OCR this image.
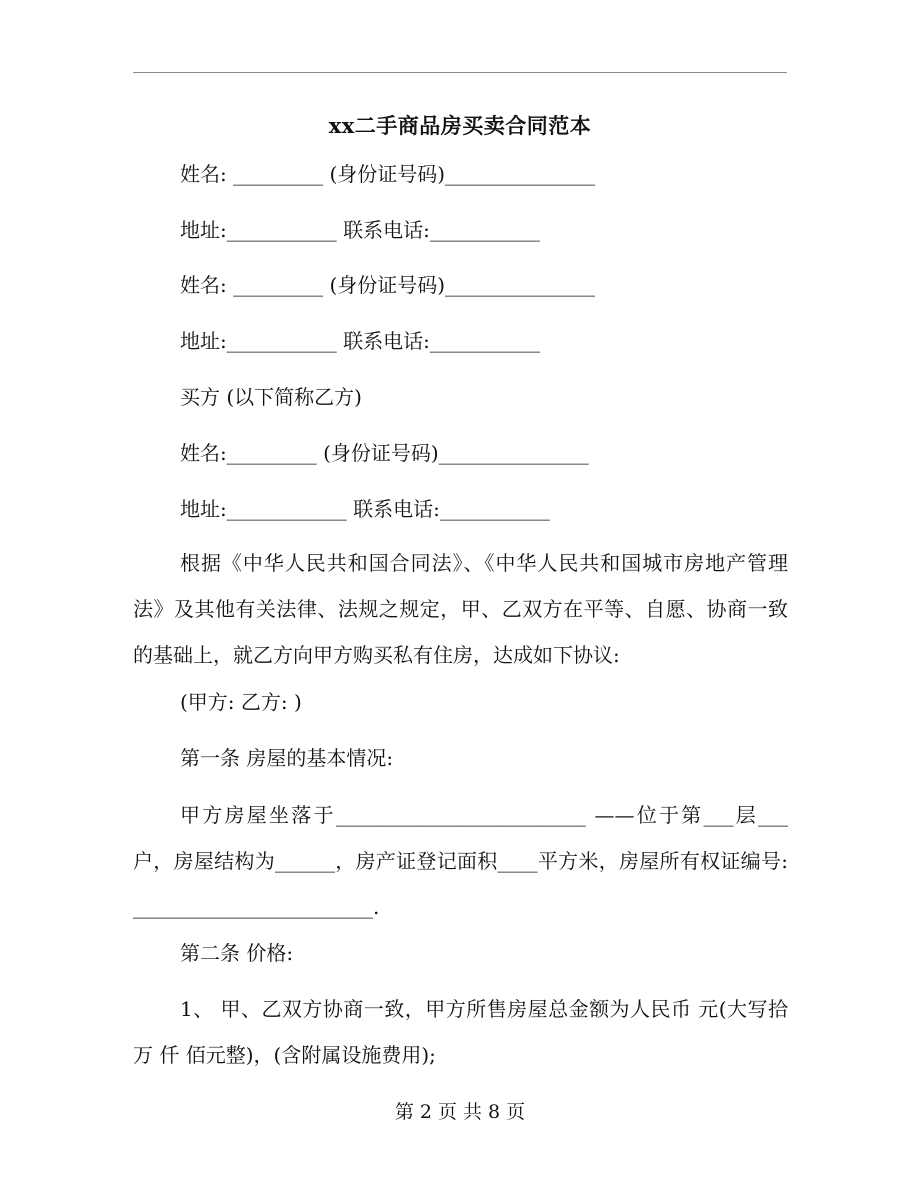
xx二手商品房买卖合同范本
姓名: _________ (身份证号码)_______________
地址:___________ 联系电话:___________
姓名: _________ (身份证号码)_______________
地址:___________ 联系电话:___________
买方 (以下简称乙方)
姓名:_________ (身份证号码)_______________
地址:____________ 联系电话:___________
根据《中华人民共和国合同法》、《中华人民共和国城市房地产管理法》及其他有关法律、法规之规定，甲、乙双方在平等、自愿、协商一致的基础上，就乙方向甲方购买私有住房，达成如下协议:
(甲方: 乙方: )
第一条 房屋的基本情况:
甲方房屋坐落于_________________________ ——位于第___层___户，房屋结构为______，房产证登记面积____平方米，房屋所有权证编号:________________________.
第二条 价格:
1、 甲、乙双方协商一致，甲方所售房屋总金额为人民币 元(大写拾 万 仟 佰元整)，(含附属设施费用);
第 2 页 共 8 页
